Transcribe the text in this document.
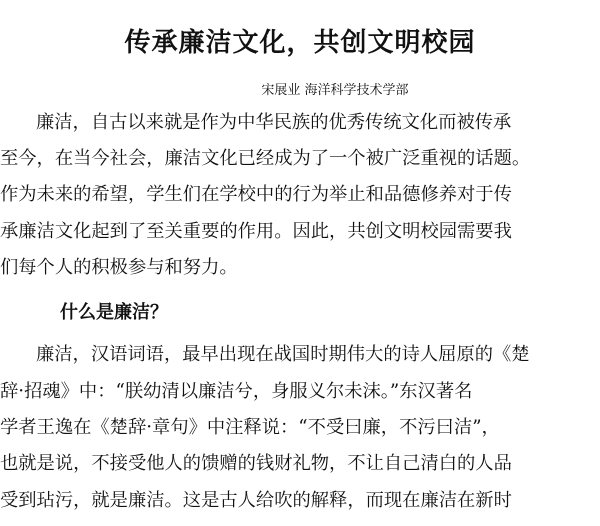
传承廉洁文化，共创文明校园

宋展业 海洋科学技术学部

廉洁，自古以来就是作为中华民族的优秀传统文化而被传承

至今，在当今社会，廉洁文化已经成为了一个被广泛重视的话题。

作为未来的希望，学生们在学校中的行为举止和品德修养对于传

承廉洁文化起到了至关重要的作用。因此，共创文明校园需要我

们每个人的积极参与和努力。

什么是廉洁？

廉洁，汉语词语，最早出现在战国时期伟大的诗人屈原的《楚

辞·招魂》中：“朕幼清以廉洁兮，身服义尔未沫。”东汉著名

学者王逸在《楚辞·章句》中注释说：“不受曰廉，不污曰洁”，

也就是说，不接受他人的馈赠的钱财礼物，不让自己清白的人品

受到玷污，就是廉洁。这是古人给吹的解释，而现在廉洁在新时
